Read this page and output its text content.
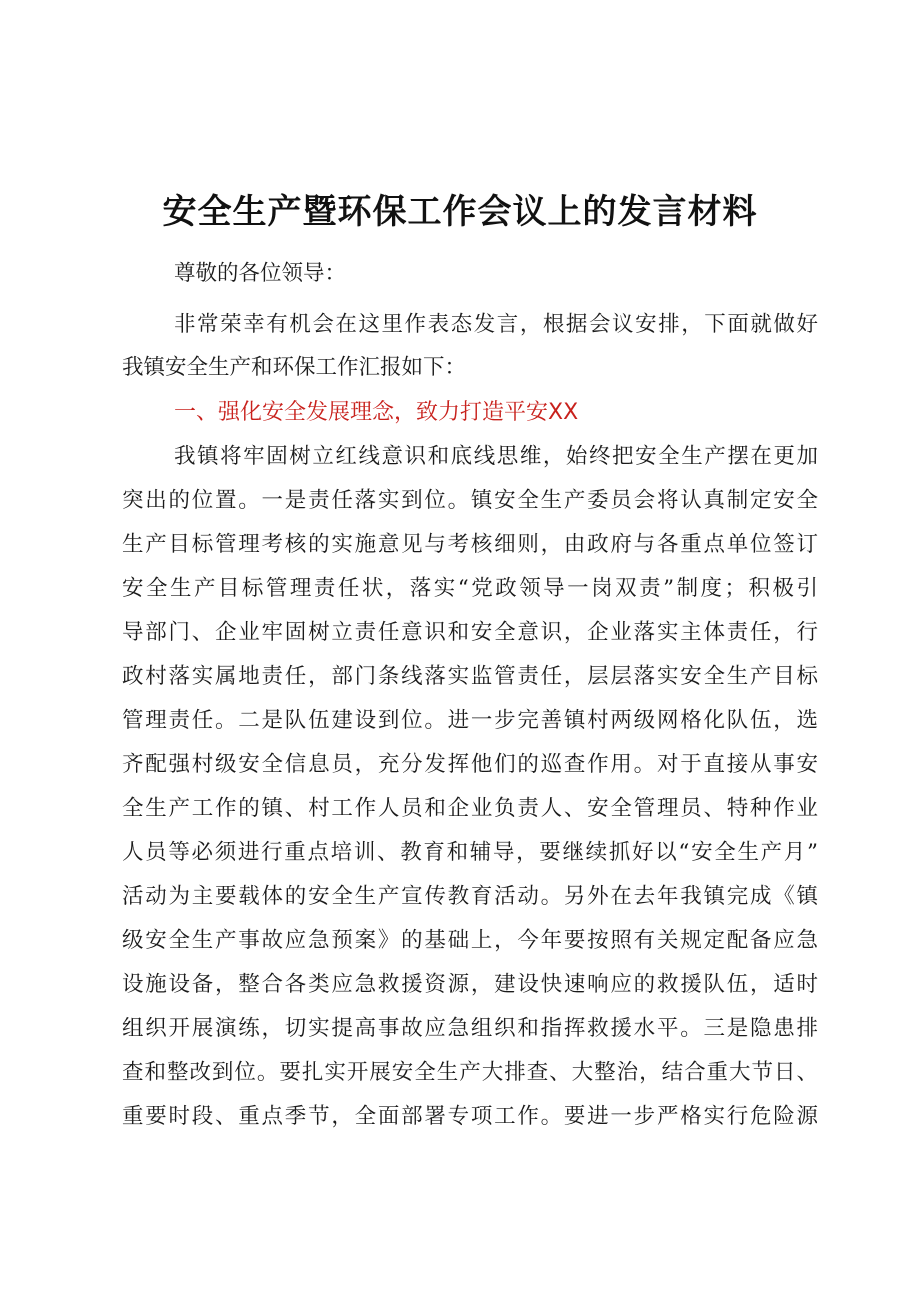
安全生产暨环保工作会议上的发言材料

尊敬的各位领导：

非常荣幸有机会在这里作表态发言，根据会议安排，下面就做好

我镇安全生产和环保工作汇报如下：

一、强化安全发展理念，致力打造平安XX

我镇将牢固树立红线意识和底线思维，始终把安全生产摆在更加

突出的位置。一是责任落实到位。镇安全生产委员会将认真制定安全

生产目标管理考核的实施意见与考核细则，由政府与各重点单位签订

安全生产目标管理责任状，落实“党政领导一岗双责”制度；积极引

导部门、企业牢固树立责任意识和安全意识，企业落实主体责任，行

政村落实属地责任，部门条线落实监管责任，层层落实安全生产目标

管理责任。二是队伍建设到位。进一步完善镇村两级网格化队伍，选

齐配强村级安全信息员，充分发挥他们的巡查作用。对于直接从事安

全生产工作的镇、村工作人员和企业负责人、安全管理员、特种作业

人员等必须进行重点培训、教育和辅导，要继续抓好以“安全生产月”

活动为主要载体的安全生产宣传教育活动。另外在去年我镇完成《镇

级安全生产事故应急预案》的基础上，今年要按照有关规定配备应急

设施设备，整合各类应急救援资源，建设快速响应的救援队伍，适时

组织开展演练，切实提高事故应急组织和指挥救援水平。三是隐患排

查和整改到位。要扎实开展安全生产大排查、大整治，结合重大节日、

重要时段、重点季节，全面部署专项工作。要进一步严格实行危险源
